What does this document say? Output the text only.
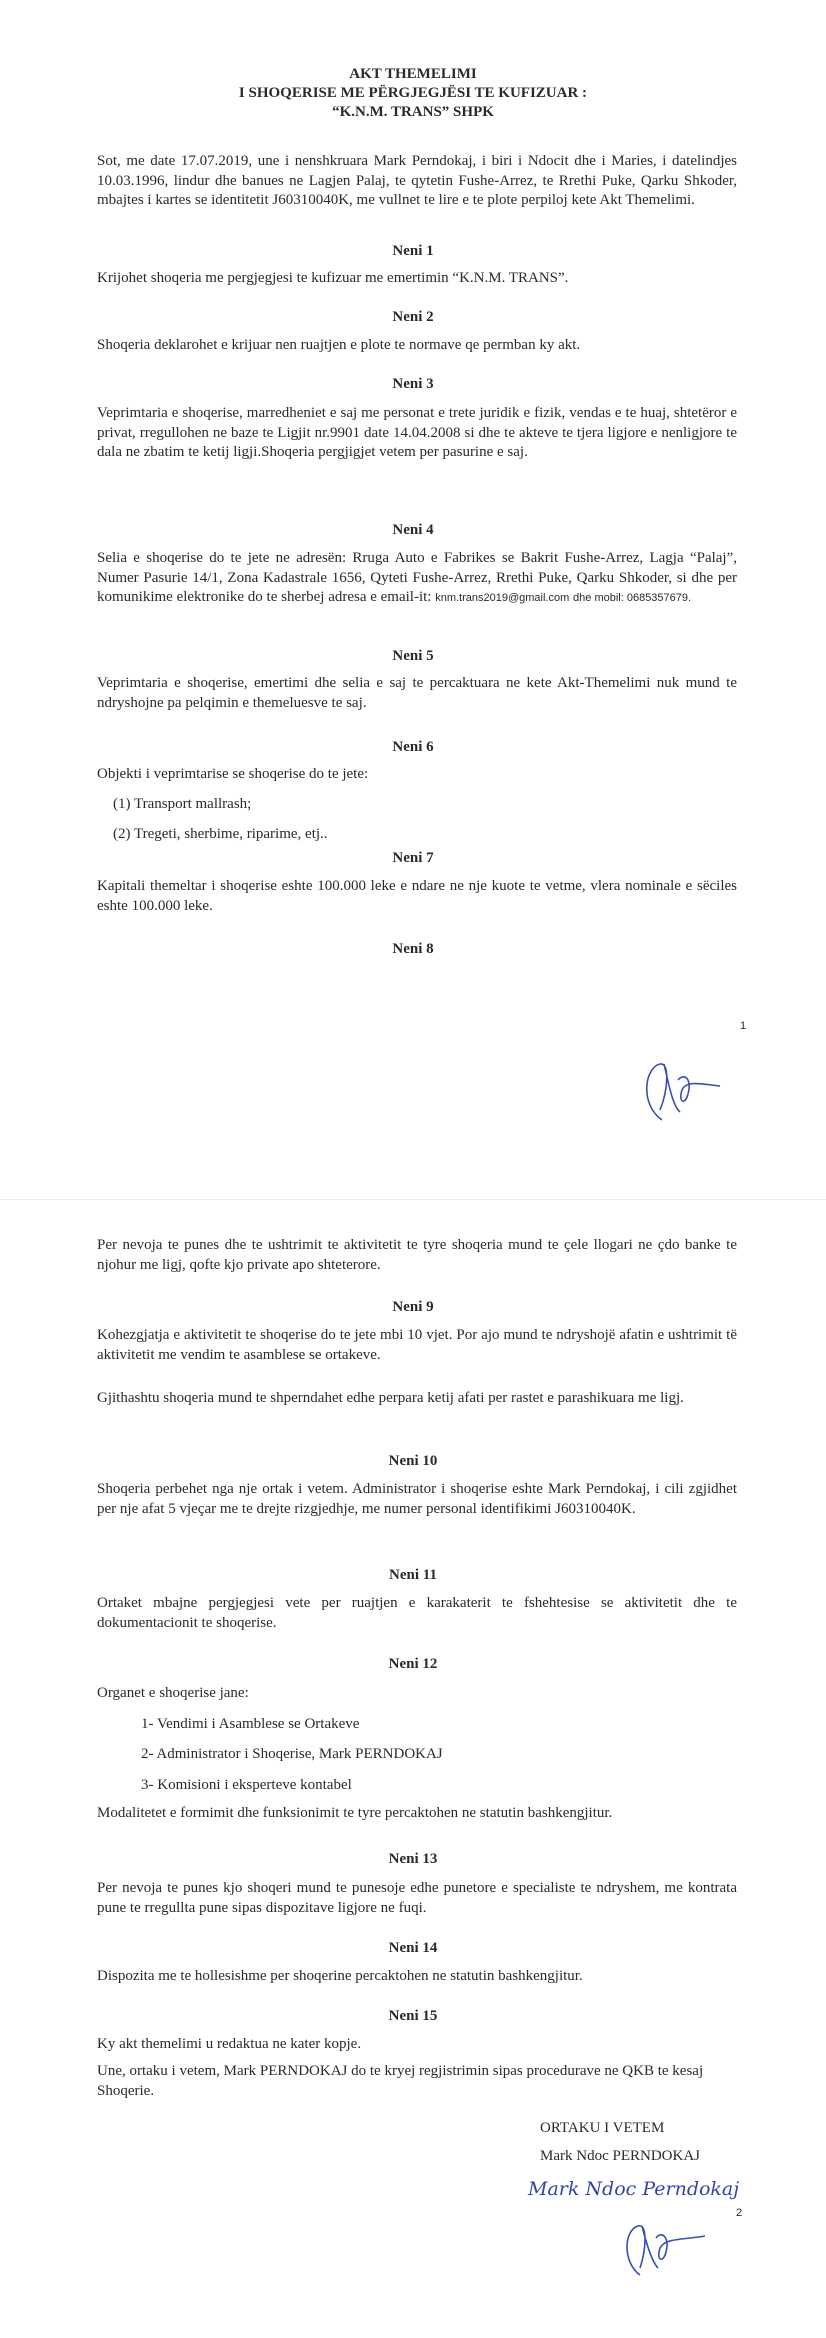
AKT THEMELIMI
I SHOQERISE ME PËRGJEGJËSI TE KUFIZUAR :
“K.N.M. TRANS” SHPK
Sot, me date 17.07.2019, une i nenshkruara Mark Perndokaj, i biri i Ndocit dhe i Maries, i datelindjes 10.03.1996, lindur dhe banues ne Lagjen Palaj, te qytetin Fushe-Arrez, te Rrethi Puke, Qarku Shkoder, mbajtes i kartes se identitetit J60310040K, me vullnet te lire e te plote perpiloj kete Akt Themelimi.
Neni 1
Krijohet shoqeria me pergjegjesi te kufizuar me emertimin “K.N.M. TRANS”.
Neni 2
Shoqeria deklarohet e krijuar nen ruajtjen e plote te normave qe permban ky akt.
Neni 3
Veprimtaria e shoqerise, marredheniet e saj me personat e trete juridik e fizik, vendas e te huaj, shtetëror e privat, rregullohen ne baze te Ligjit nr.9901 date 14.04.2008 si dhe te akteve te tjera ligjore e nenligjore te dala ne zbatim te ketij ligji.Shoqeria pergjigjet vetem per pasurine e saj.
Neni 4
Selia e shoqerise do te jete ne adresën: Rruga Auto e Fabrikes se Bakrit Fushe-Arrez, Lagja “Palaj”, Numer Pasurie 14/1, Zona Kadastrale 1656, Qyteti Fushe-Arrez, Rrethi Puke, Qarku Shkoder, si dhe per komunikime elektronike do te sherbej adresa e email-it: knm.trans2019@gmail.com dhe mobil: 0685357679.
Neni 5
Veprimtaria e shoqerise, emertimi dhe selia e saj te percaktuara ne kete Akt-Themelimi nuk mund te ndryshojne pa pelqimin e themeluesve te saj.
Neni 6
Objekti i veprimtarise se shoqerise do te jete:
(1) Transport mallrash;
(2) Tregeti, sherbime, riparime, etj..
Neni 7
Kapitali themeltar i shoqerise eshte 100.000 leke e ndare ne nje kuote te vetme, vlera nominale e sëciles eshte 100.000 leke.
Neni 8
1
Per nevoja te punes dhe te ushtrimit te aktivitetit te tyre shoqeria mund te çele llogari ne çdo banke te njohur me ligj, qofte kjo private apo shteterore.
Neni 9
Kohezgjatja e aktivitetit te shoqerise do te jete mbi 10 vjet. Por ajo mund te ndryshojë afatin e ushtrimit të aktivitetit me vendim te asamblese se ortakeve.
Gjithashtu shoqeria mund te shperndahet edhe perpara ketij afati per rastet e parashikuara me ligj.
Neni 10
Shoqeria perbehet nga nje ortak i vetem. Administrator i shoqerise eshte Mark Perndokaj, i cili zgjidhet per nje afat 5 vjeçar me te drejte rizgjedhje, me numer personal identifikimi J60310040K.
Neni 11
Ortaket mbajne pergjegjesi vete per ruajtjen e karakaterit te fshehtesise se aktivitetit dhe te dokumentacionit te shoqerise.
Neni 12
Organet e shoqerise jane:
1- Vendimi i Asamblese se Ortakeve
2- Administrator i Shoqerise, Mark PERNDOKAJ
3- Komisioni i eksperteve kontabel
Modalitetet e formimit dhe funksionimit te tyre percaktohen ne statutin bashkengjitur.
Neni 13
Per nevoja te punes kjo shoqeri mund te punesoje edhe punetore e specialiste te ndryshem, me kontrata pune te rregullta pune sipas dispozitave ligjore ne fuqi.
Neni 14
Dispozita me te hollesishme per shoqerine percaktohen ne statutin bashkengjitur.
Neni 15
Ky akt themelimi u redaktua ne kater kopje.
Une, ortaku i vetem, Mark PERNDOKAJ do te kryej regjistrimin sipas procedurave ne QKB te kesaj Shoqerie.
ORTAKU I VETEM
Mark Ndoc PERNDOKAJ
Mark Ndoc Perndokaj
2
